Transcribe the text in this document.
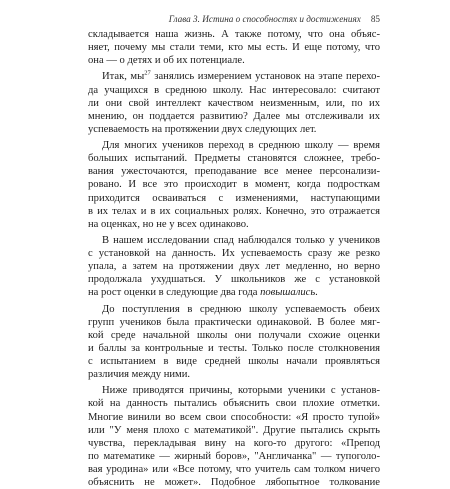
Глава 3. Истина о способностях и достижениях 85
складывается наша жизнь. А также потому, что она объяс-
няет, почему мы стали теми, кто мы есть. И еще потому, что
она — о детях и об их потенциале.
Итак, $мы^{27}$ занялись измерением установок на этапе перехо-
да учащихся в среднюю школу. Нас интересовало: считают
ли они свой интеллект качеством неизменным, или, по их
мнению, он поддается развитию? Далее мы отслеживали их
успеваемость на протяжении двух следующих лет.
Для многих учеников переход в среднюю школу — время
больших испытаний. Предметы становятся сложнее, требо-
вания ужесточаются, преподавание все менее персонализи-
ровано. И все это происходит в момент, когда подросткам
приходится осваиваться с изменениями, наступающими
в их телах и в их социальных ролях. Конечно, это отражается
на оценках, но не у всех одинаково.
В нашем исследовании спад наблюдался только у учеников
с установкой на данность. Их успеваемость сразу же резко
упала, а затем на протяжении двух лет медленно, но верно
продолжала ухудшаться. У школьников же с установкой
на рост оценки в следующие два года повышались.
До поступления в среднюю школу успеваемость обеих
групп учеников была практически одинаковой. В более мяг-
кой среде начальной школы они получали схожие оценки
и баллы за контрольные и тесты. Только после столкновения
с испытанием в виде средней школы начали проявляться
различия между ними.
Ниже приводятся причины, которыми ученики с установ-
кой на данность пытались объяснить свои плохие отметки.
Многие винили во всем свои способности: «Я просто тупой»
или "У меня плохо с математикой". Другие пытались скрыть
чувства, перекладывая вину на кого-то другого: «Препод
по математике — жирный боров», "Англичанка" — тупоголо-
вая уродина» или «Все потому, что учитель сам толком ничего
объяснить не может». Подобное лябопытное толкование
